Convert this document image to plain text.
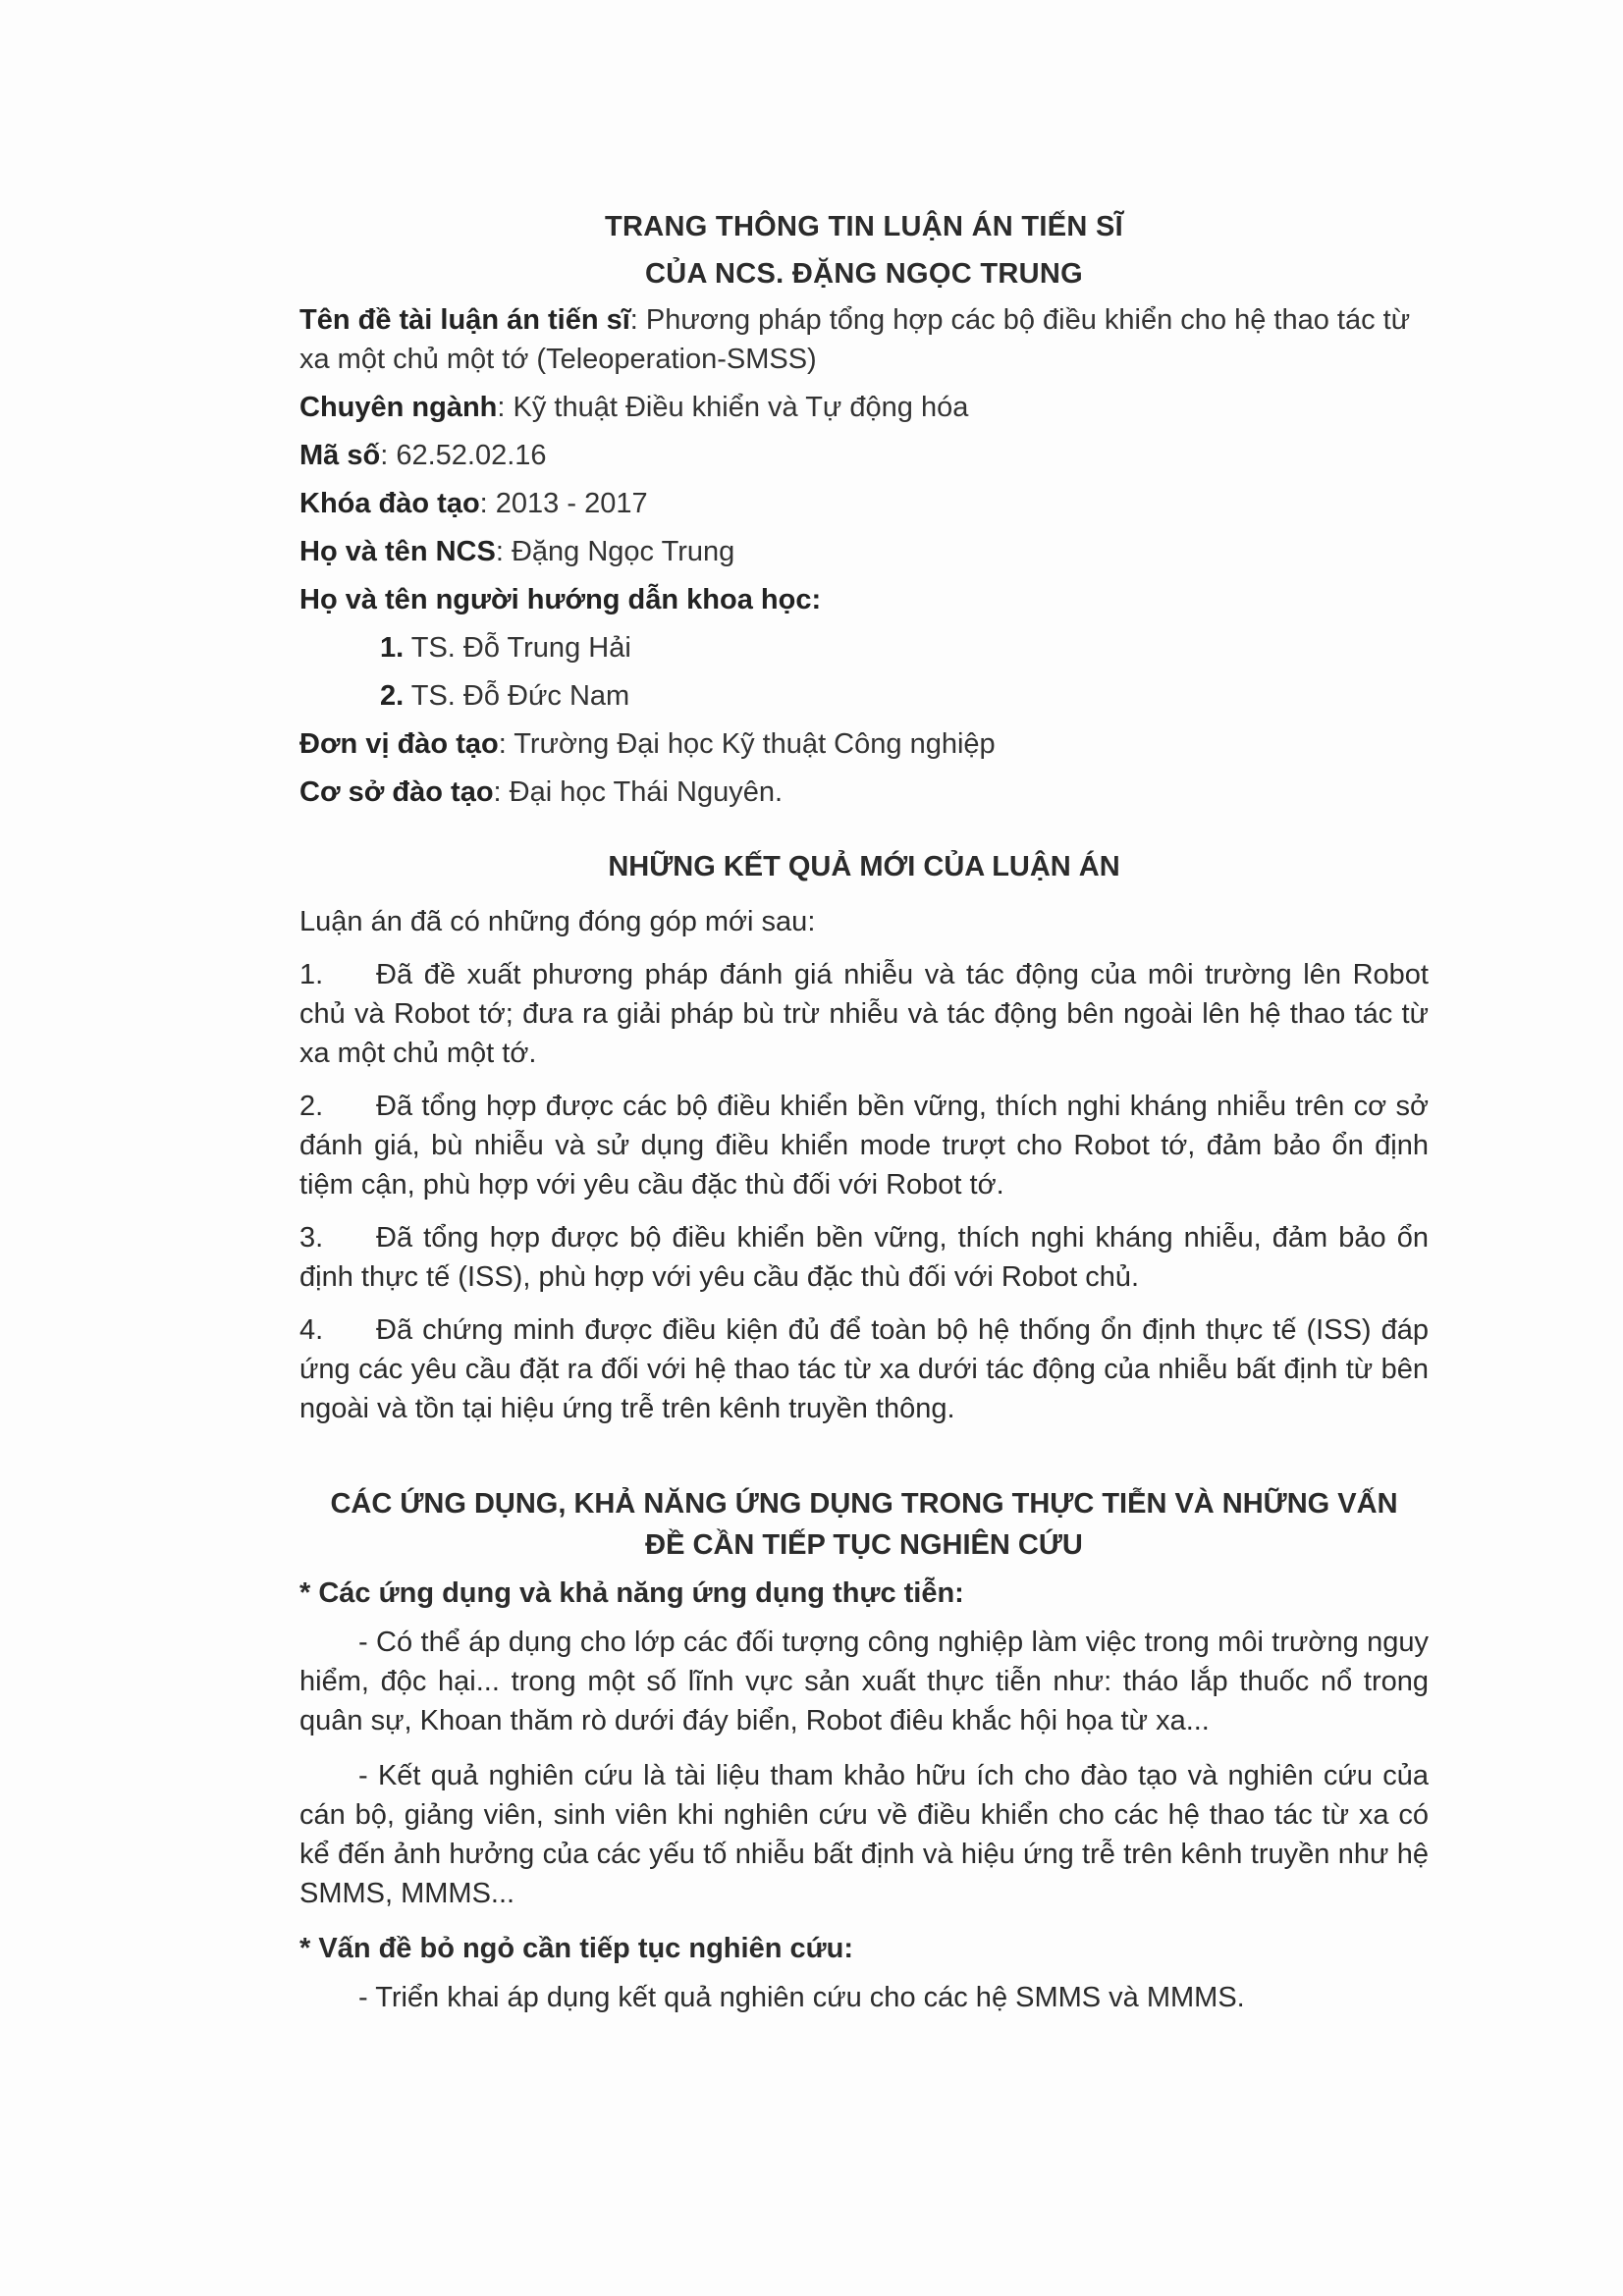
TRANG THÔNG TIN LUẬN ÁN TIẾN SĨ
CỦA NCS. ĐẶNG NGỌC TRUNG
Tên đề tài luận án tiến sĩ: Phương pháp tổng hợp các bộ điều khiển cho hệ thao tác từ xa một chủ một tớ (Teleoperation-SMSS)
Chuyên ngành: Kỹ thuật Điều khiển và Tự động hóa
Mã số: 62.52.02.16
Khóa đào tạo: 2013 - 2017
Họ và tên NCS: Đặng Ngọc Trung
Họ và tên người hướng dẫn khoa học:
1. TS. Đỗ Trung Hải
2. TS. Đỗ Đức Nam
Đơn vị đào tạo: Trường Đại học Kỹ thuật Công nghiệp
Cơ sở đào tạo: Đại học Thái Nguyên.
NHỮNG KẾT QUẢ MỚI CỦA LUẬN ÁN

Luận án đã có những đóng góp mới sau:

1. Đã đề xuất phương pháp đánh giá nhiễu và tác động của môi trường lên Robot chủ và Robot tớ; đưa ra giải pháp bù trừ nhiễu và tác động bên ngoài lên hệ thao tác từ xa một chủ một tớ.

2. Đã tổng hợp được các bộ điều khiển bền vững, thích nghi kháng nhiễu trên cơ sở đánh giá, bù nhiễu và sử dụng điều khiển mode trượt cho Robot tớ, đảm bảo ổn định tiệm cận, phù hợp với yêu cầu đặc thù đối với Robot tớ.

3. Đã tổng hợp được bộ điều khiển bền vững, thích nghi kháng nhiễu, đảm bảo ổn định thực tế (ISS), phù hợp với yêu cầu đặc thù đối với Robot chủ.

4. Đã chứng minh được điều kiện đủ để toàn bộ hệ thống ổn định thực tế (ISS) đáp ứng các yêu cầu đặt ra đối với hệ thao tác từ xa dưới tác động của nhiễu bất định từ bên ngoài và tồn tại hiệu ứng trễ trên kênh truyền thông.

CÁC ỨNG DỤNG, KHẢ NĂNG ỨNG DỤNG TRONG THỰC TIỄN VÀ NHỮNG VẤN
ĐỀ CẦN TIẾP TỤC NGHIÊN CỨU
* Các ứng dụng và khả năng ứng dụng thực tiễn:

- Có thể áp dụng cho lớp các đối tượng công nghiệp làm việc trong môi trường nguy hiểm, độc hại... trong một số lĩnh vực sản xuất thực tiễn như: tháo lắp thuốc nổ trong quân sự, Khoan thăm rò dưới đáy biển, Robot điêu khắc hội họa từ xa...

- Kết quả nghiên cứu là tài liệu tham khảo hữu ích cho đào tạo và nghiên cứu của cán bộ, giảng viên, sinh viên khi nghiên cứu về điều khiển cho các hệ thao tác từ xa có kể đến ảnh hưởng của các yếu tố nhiễu bất định và hiệu ứng trễ trên kênh truyền như hệ SMMS, MMMS...

* Vấn đề bỏ ngỏ cần tiếp tục nghiên cứu:

- Triển khai áp dụng kết quả nghiên cứu cho các hệ SMMS và MMMS.
